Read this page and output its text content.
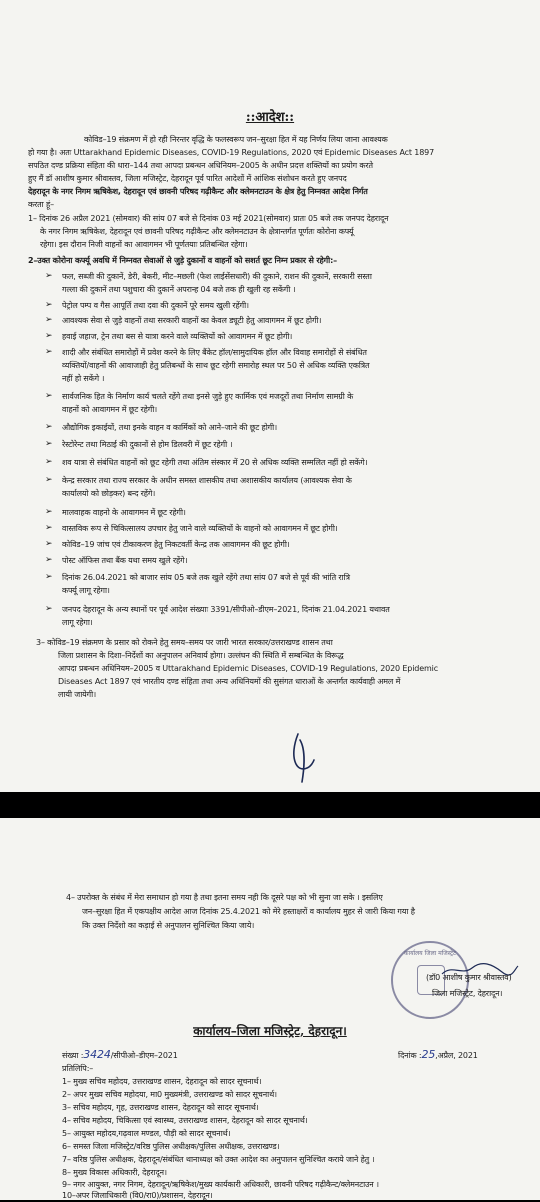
::आदेश::
कोविड–19 संक्रमण में हो रही निरन्तर वृद्धि के फलस्वरूप जन–सुरक्षा हित में यह निर्णय लिया जाना आवश्यक
हो गया है। अतः Uttarakhand Epidemic Diseases, COVID-19 Regulations, 2020 एवं Epidemic Diseases Act 1897
सपठित दण्ड प्रक्रिया संहिता की धारा–144 तथा आपदा प्रबन्धन अधिनियम–2005 के अधीन प्रदत्त शक्तियों का प्रयोग करते
हुए मैं डॉ आशीष कुमार श्रीवास्तव, जिला मजिस्ट्रेट, देहरादून पूर्व पारित आदेशों में आंशिक संशोधन करते हुए जनपद
देहरादून के नगर निगम ऋषिकेश, देहरादून एवं छावनी परिषद गढ़ीकैन्ट और क्लेमनटाउन के क्षेत्र हेतु निम्नवत आदेश निर्गत
करता हूं–
1– दिनांक 26 अप्रैल 2021 (सोमवार) की सांय 07 बजे से दिनांक 03 मई 2021(सोमवार) प्रातः 05 बजे तक जनपद देहरादून
के नगर निगम ऋषिकेश, देहरादून एवं छावनी परिषद गढ़ीकैन्ट और क्लेमनटाउन के क्षेत्रान्तर्गत पूर्णतः कोरोना कर्फ्यू
रहेगा। इस दौरान निजी वाहनों का आवागमन भी पूर्णतयाः प्रतिबन्धित रहेगा।
2–उक्त कोरोना कर्फ्यू अवधि में निम्नवत सेवाओं से जुड़े दुकानों व वाहनों को सशर्त छूट निम्न प्रकार से रहेगी:–
➢ फल, सब्जी की दुकानें, डेरी, बेकरी, मीट–मछली (फेश लाईसेंसधारी) की दुकाने, राशन की दुकानें, सरकारी सस्ता
गल्ला की दुकानें तथा पशुचारा की दुकानें अपरान्ह 04 बजे तक ही खुली रह सकेंगी ।
➢ पेट्रोल पम्प व गैस आपूर्ति तथा दवा की दुकानें पूरे समय खुली रहेंगी।
➢ आवश्यक सेवा से जुड़े वाहनों तथा सरकारी वाहनों का केवल ड्यूटी हेतु आवागमन में छूट होगी।
➢ हवाई जहाज, ट्रेन तथा बस से यात्रा करने वाले व्यक्तियों को आवागमन में छूट होगी।
➢ शादी और संबंधित समारोहों में प्रवेश करने के लिए बैंकेट हॉल/सामुदायिक हॉल और विवाह समारोहों से संबंधित
व्यक्तियों/वाहनों की आवाजाही हेतु प्रतिबन्धों के साथ छूट रहेगी समारोह स्थल पर 50 से अधिक व्यक्ति एकत्रित
नहीं हो सकेंगे ।
➢ सार्वजनिक हित के निर्माण कार्य चलते रहेंगे तथा इनसे जुड़े हुए कार्मिक एवं मजदूरों तथा निर्माण सामग्री के
वाहनों को आवागमन में छूट रहेगी।
➢ औद्योगिक इकाईयों, तथा इनके वाहन व कार्मिकों को आने–जाने की छूट होगी।
➢ रेस्टोरेन्ट तथा मिठाई की दुकानों से होम डिलवरी में छूट रहेगी ।
➢ शव यात्रा से संबंधित वाहनों को छूट रहेगी तथा अंतिम संस्कार में 20 से अधिक व्यक्ति सम्मलित नहीं हो सकेंगे।
➢ केन्द्र सरकार तथा राज्य सरकार के अधीन समस्त शासकीय तथा अशासकीय कार्यालय (आवश्यक सेवा के
कार्यालयो को छोड़कर) बन्द रहेंगे।
➢ मालवाहक वाहनो के आवागमन में छूट रहेगी।
➢ वास्तविक रूप से चिकित्सालय उपचार हेतु जाने वाले व्यक्तियों के वाहनो को आवागमन में छूट होगी।
➢ कोविड–19 जांच एवं टीकाकरण हेतु निकटवर्ती केन्द्र तक आवागमन की छूट होगी।
➢ पोस्ट ऑफिस तथा बैंक यथा समय खुले रहेंगे।
➢ दिनांक 26.04.2021 को बाजार सांय 05 बजे तक खुले रहेंगे तथा सांय 07 बजे से पूर्व की भांति रात्रि
कर्फ्यू लागू रहेगा।
➢ जनपद देहरादून के अन्य स्थानों पर पूर्व आदेश संख्याः 3391/सीपीओ–डीएम–2021, दिनांक 21.04.2021 यथावत
लागू रहेगा।
3– कोविड–19 संक्रमण के प्रसार को रोकने हेतु समय–समय पर जारी भारत सरकार/उत्तराखण्ड शासन तथा
जिला प्रशासन के दिशा–निर्देशों का अनुपालन अनिवार्य होगा। उल्लंघन की स्थिति में सम्बन्धित के विरूद्ध
आपदा प्रबन्धन अधिनियम–2005 व Uttarakhand Epidemic Diseases, COVID-19 Regulations, 2020 Epidemic
Diseases Act 1897 एवं भारतीय दण्ड संहिता तथा अन्य अधिनियमों की सुसंगत धाराओं के अन्तर्गत कार्यवाही अमल में
लायी जायेगी।
4– उपरोक्त के संबंध में मेरा समाधान हो गया है तथा इतना समय नही कि दूसरे पक्ष को भी सुना जा सके । इसलिए
जन–सुरक्षा हित में एकपक्षीय आदेश आज दिनांक 25.4.2021 को मेरे हस्ताक्षरों व कार्यालय मुहर से जारी किया गया है
कि उक्त निर्देशो का कड़ाई से अनुपालन सुनिश्चित किया जाये।
कार्यालय जिला मजिस्ट्रेट
(डॉ0 आशीष कुमार श्रीवास्तव)
जिला मजिस्ट्रेट, देहरादून।
कार्यालय–जिला मजिस्ट्रेट, देहरादून।
संख्या :3424/सीपीओ–डीएम–2021	दिनांक :25,अप्रैल, 2021
प्रतिलिपि:–
1– मुख्य सचिव महोदय, उत्तराखण्ड शासन, देहरादून को सादर सूचनार्थ।
2– अपर मुख्य सचिव महोदया, मा0 मुख्यमंत्री, उत्तराखण्ड को सादर सूचनार्थ।
3– सचिव महोदय, गृह, उत्तराखण्ड शासन, देहरादून को सादर सूचनार्थ।
4– सचिव महोदय, चिकित्सा एवं स्वास्थ्य, उत्तराखण्ड शासन, देहरादून को सादर सूचनार्थ।
5– आयुक्त महोदय,गढ़वाल मण्डल, पौड़ी को सादर सूचनार्थ।
6– समस्त जिला मजिस्ट्रेट/वरिष्ठ पुलिस अधीक्षक/पुलिस अधीक्षक, उत्तराखण्ड।
7– वरिष्ठ पुलिस अधीक्षक, देहरादून/संबंधित थानाध्यक्ष को उक्त आदेश का अनुपालन सुनिश्चित कराये जाने हेतु ।
8– मुख्य विकास अधिकारी, देहरादून।
9– नगर आयुक्त, नगर निगम, देहरादून/ऋषिकेश/मुख्य कार्यकारी अधिकारी, छावनी परिषद गढ़ीकैन्ट/क्लेमनटाउन ।
10–अपर जिलाधिकारी (वि0/रा0)/प्रशासन, देहरादून।
